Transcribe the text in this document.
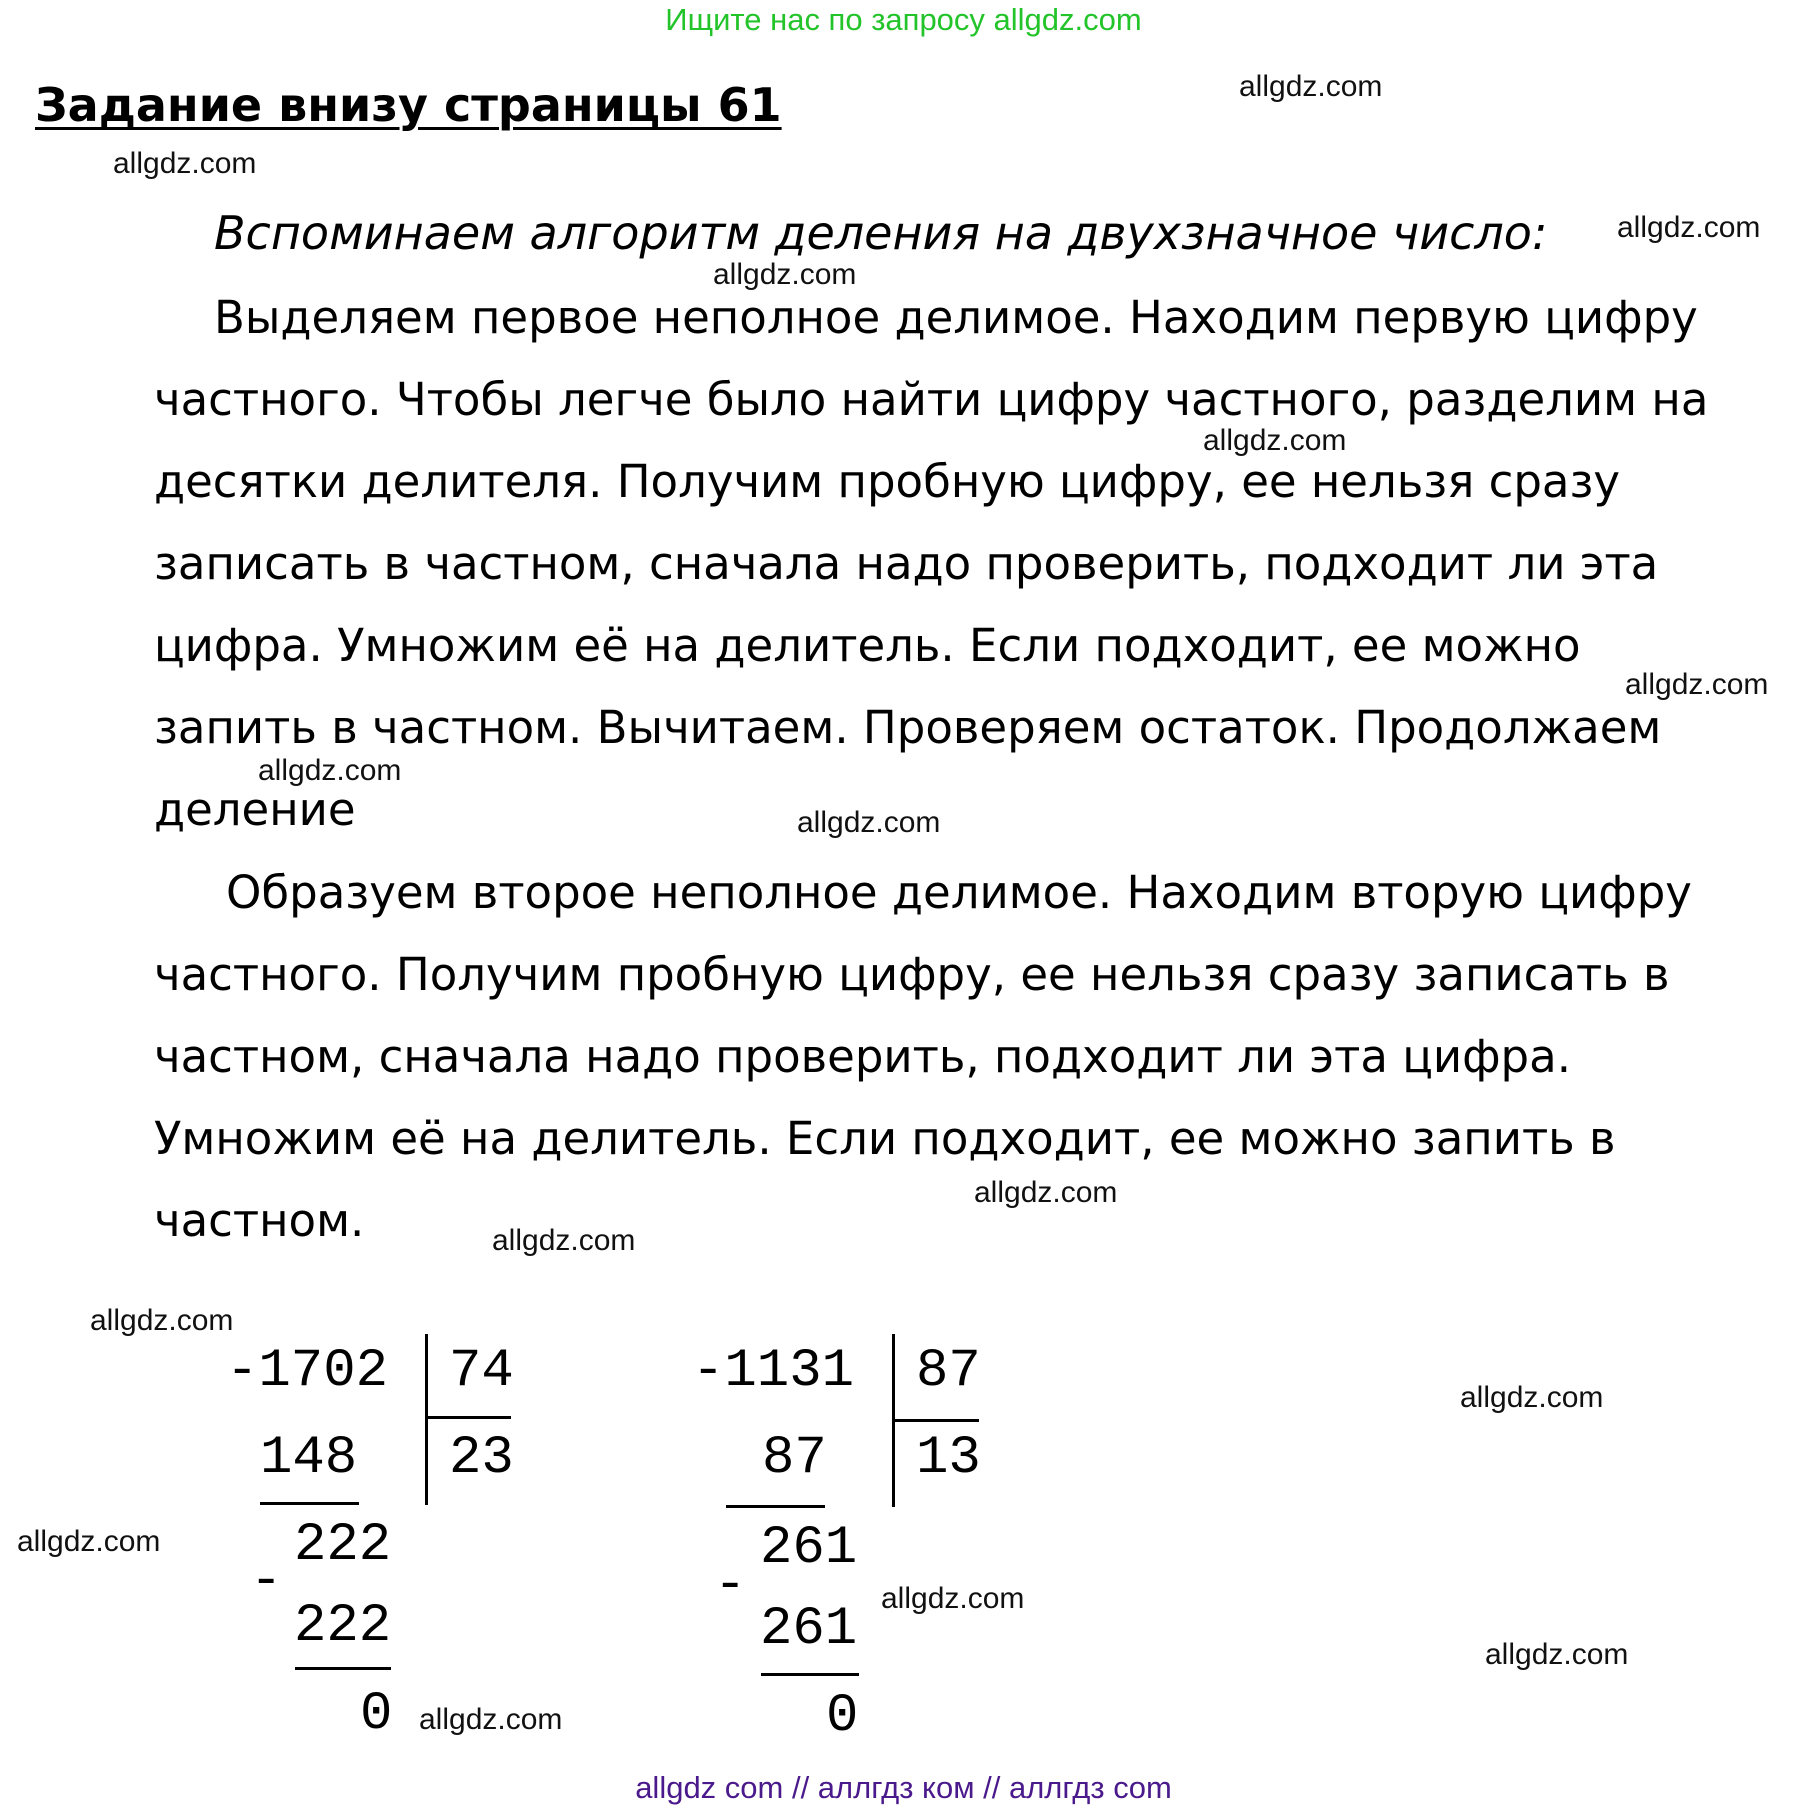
Ищите нас по запросу allgdz.com
Задание внизу страницы 61
Вспоминаем алгоритм деления на двухзначное число:
Выделяем первое неполное делимое. Находим первую цифру
частного. Чтобы легче было найти цифру частного, разделим на
десятки делителя. Получим пробную цифру, ее нельзя сразу
записать в частном, сначала надо проверить, подходит ли эта
цифра. Умножим её на делитель. Если подходит, ее можно
запить в частном. Вычитаем. Проверяем остаток. Продолжаем
деление
Образуем второе неполное делимое. Находим вторую цифру
частного. Получим пробную цифру, ее нельзя сразу записать в
частном, сначала надо проверить, подходит ли эта цифра.
Умножим её на делитель. Если подходит, ее можно запить в
частном.
-1702 74
148 23
222
-
222
0
-1131 87
87 13
261
-
261
0
allgdz.com
allgdz.com
allgdz.com
allgdz.com
allgdz.com
allgdz.com
allgdz.com
allgdz.com
allgdz.com
allgdz.com
allgdz.com
allgdz.com
allgdz.com
allgdz.com
allgdz.com
allgdz.com
allgdz com // аллгдз ком // аллгдз com
